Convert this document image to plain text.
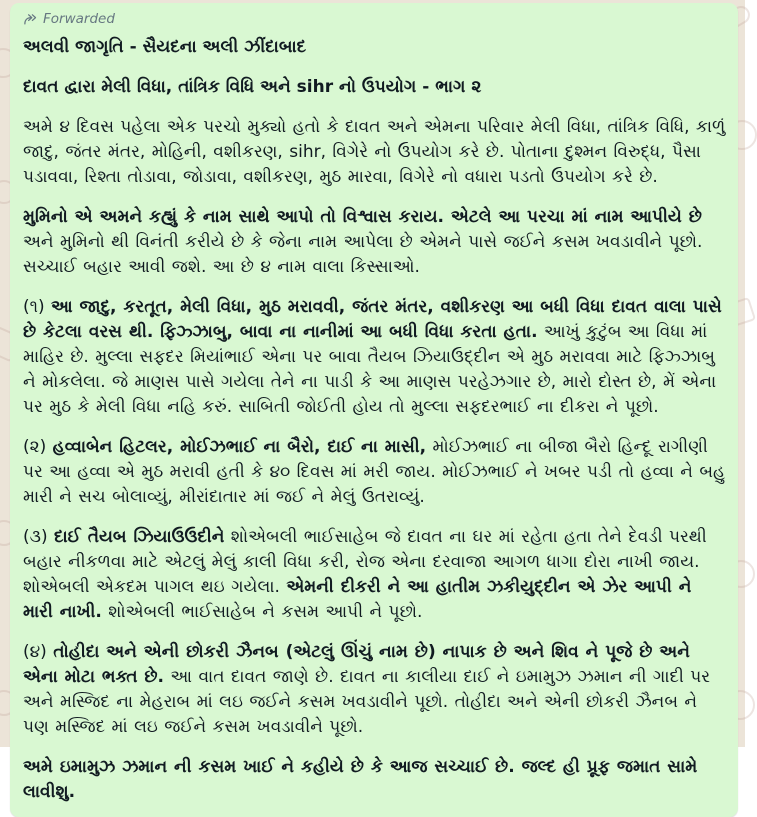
Forwarded
અલવી જાગૃતિ - સૈયદના અલી ઝીંદાબાદ
દાવત દ્વારા મેલી વિધા, તાંત્રિક વિધિ અને sihr નો ઉપયોગ - ભાગ ૨
અમે ૪ દિવસ પહેલા એક પરચો મુક્યો હતો કે દાવત અને એમના પરિવાર મેલી વિધા, તાંત્રિક વિધિ, કાળું જાદુ, જંતર મંતર, મોહિની, વશીકરણ, sihr, વિગેરે નો ઉપયોગ કરે છે. પોતાના દુશ્મન વિરુદ્ધ, પૈસા પડાવવા, રિશ્તા તોડાવા, જોડાવા, વશીકરણ, મુઠ મારવા, વિગેરે નો વધારા પડતો ઉપયોગ કરે છે.
મુમિનો એ અમને કહ્યું કે નામ સાથે આપો તો વિશ્વાસ કરાય. એટલે આ પરચા માં નામ આપીયે છે અને મુમિનો થી વિનંતી કરીયે છે કે જેના નામ આપેલા છે એમને પાસે જઈને કસમ ખવડાવીને પૂછો. સચ્ચાઈ બહાર આવી જશે. આ છે ૪ નામ વાલા કિસ્સાઓ.
(૧) આ જાદુ, કરતૂત, મેલી વિધા, મુઠ મરાવવી, જંતર મંતર, વશીકરણ આ બધી વિધા દાવત વાલા પાસે છે કેટલા વરસ થી. ફિઝ્ઝાબુ, બાવા ના નાનીમાં આ બધી વિધા કરતા હતા. આખું કુટુંબ આ વિધા માં માહિર છે. મુલ્લા સફદર મિયાંભાઈ એના પર બાવા તૈયબ ઝિયાઉદ્દીન એ મુઠ મરાવવા માટે ફિઝ્ઝાબુ ને મોકલેલા. જે માણસ પાસે ગયેલા તેને ના પાડી કે આ માણસ પરહેઝગાર છે, મારો દોસ્ત છે, મેં એના પર મુઠ કે મેલી વિધા નહિ કરું. સાબિતી જોઈતી હોય તો મુલ્લા સફદરભાઈ ના દીકરા ને પૂછો.
(૨) હવ્વાબેન હિટલર, મોઈઝભાઈ ના બૈરો, દાઈ ના માસી, મોઈઝભાઈ ના બીજા બૈરો હિન્દૂ રાગીણી પર આ હવ્વા એ મુઠ મરાવી હતી કે ૪૦ દિવસ માં મરી જાય. મોઈઝભાઈ ને ખબર પડી તો હવ્વા ને બહુ મારી ને સચ બોલાવ્યું, મીરાંદાતાર માં જઈ ને મેલું ઉતરાવ્યું.
(૩) દાઈ તૈયબ ઝિયાઉઉદીને શોએબલી ભાઈસાહેબ જે દાવત ના ઘર માં રહેતા હતા તેને દેવડી પરથી બહાર નીકળવા માટે એટલું મેલું કાલી વિધા કરી, રોજ એના દરવાજા આગળ ધાગા દોરા નાખી જાય. શોએબલી એકદમ પાગલ થઇ ગયેલા. એમની દીકરી ને આ હાતીમ ઝકીયુદ્દીન એ ઝેર આપી ને મારી નાખી. શોએબલી ભાઈસાહેબ ને કસમ આપી ને પૂછો.
(૪) તોહીદા અને એની છોકરી ઝૈનબ (એટલું ઊંચું નામ છે) નાપાક છે અને શિવ ને પૂજે છે અને એના મોટા ભક્ત છે. આ વાત દાવત જાણે છે. દાવત ના કાલીયા દાઈ ને ઇમામુઝ ઝમાન ની ગાદી પર અને મસ્જિદ ના મેહરાબ માં લઇ જઈને કસમ ખવડાવીને પૂછો. તોહીદા અને એની છોકરી ઝૈનબ ને પણ મસ્જિદ માં લઇ જઈને કસમ ખવડાવીને પૂછો.
અમે ઇમામુઝ ઝમાન ની કસમ ખાઈ ને કહીયે છે કે આજ સચ્ચાઈ છે. જલ્દ હી પ્રૂફ જમાત સામે લાવીશુ.
